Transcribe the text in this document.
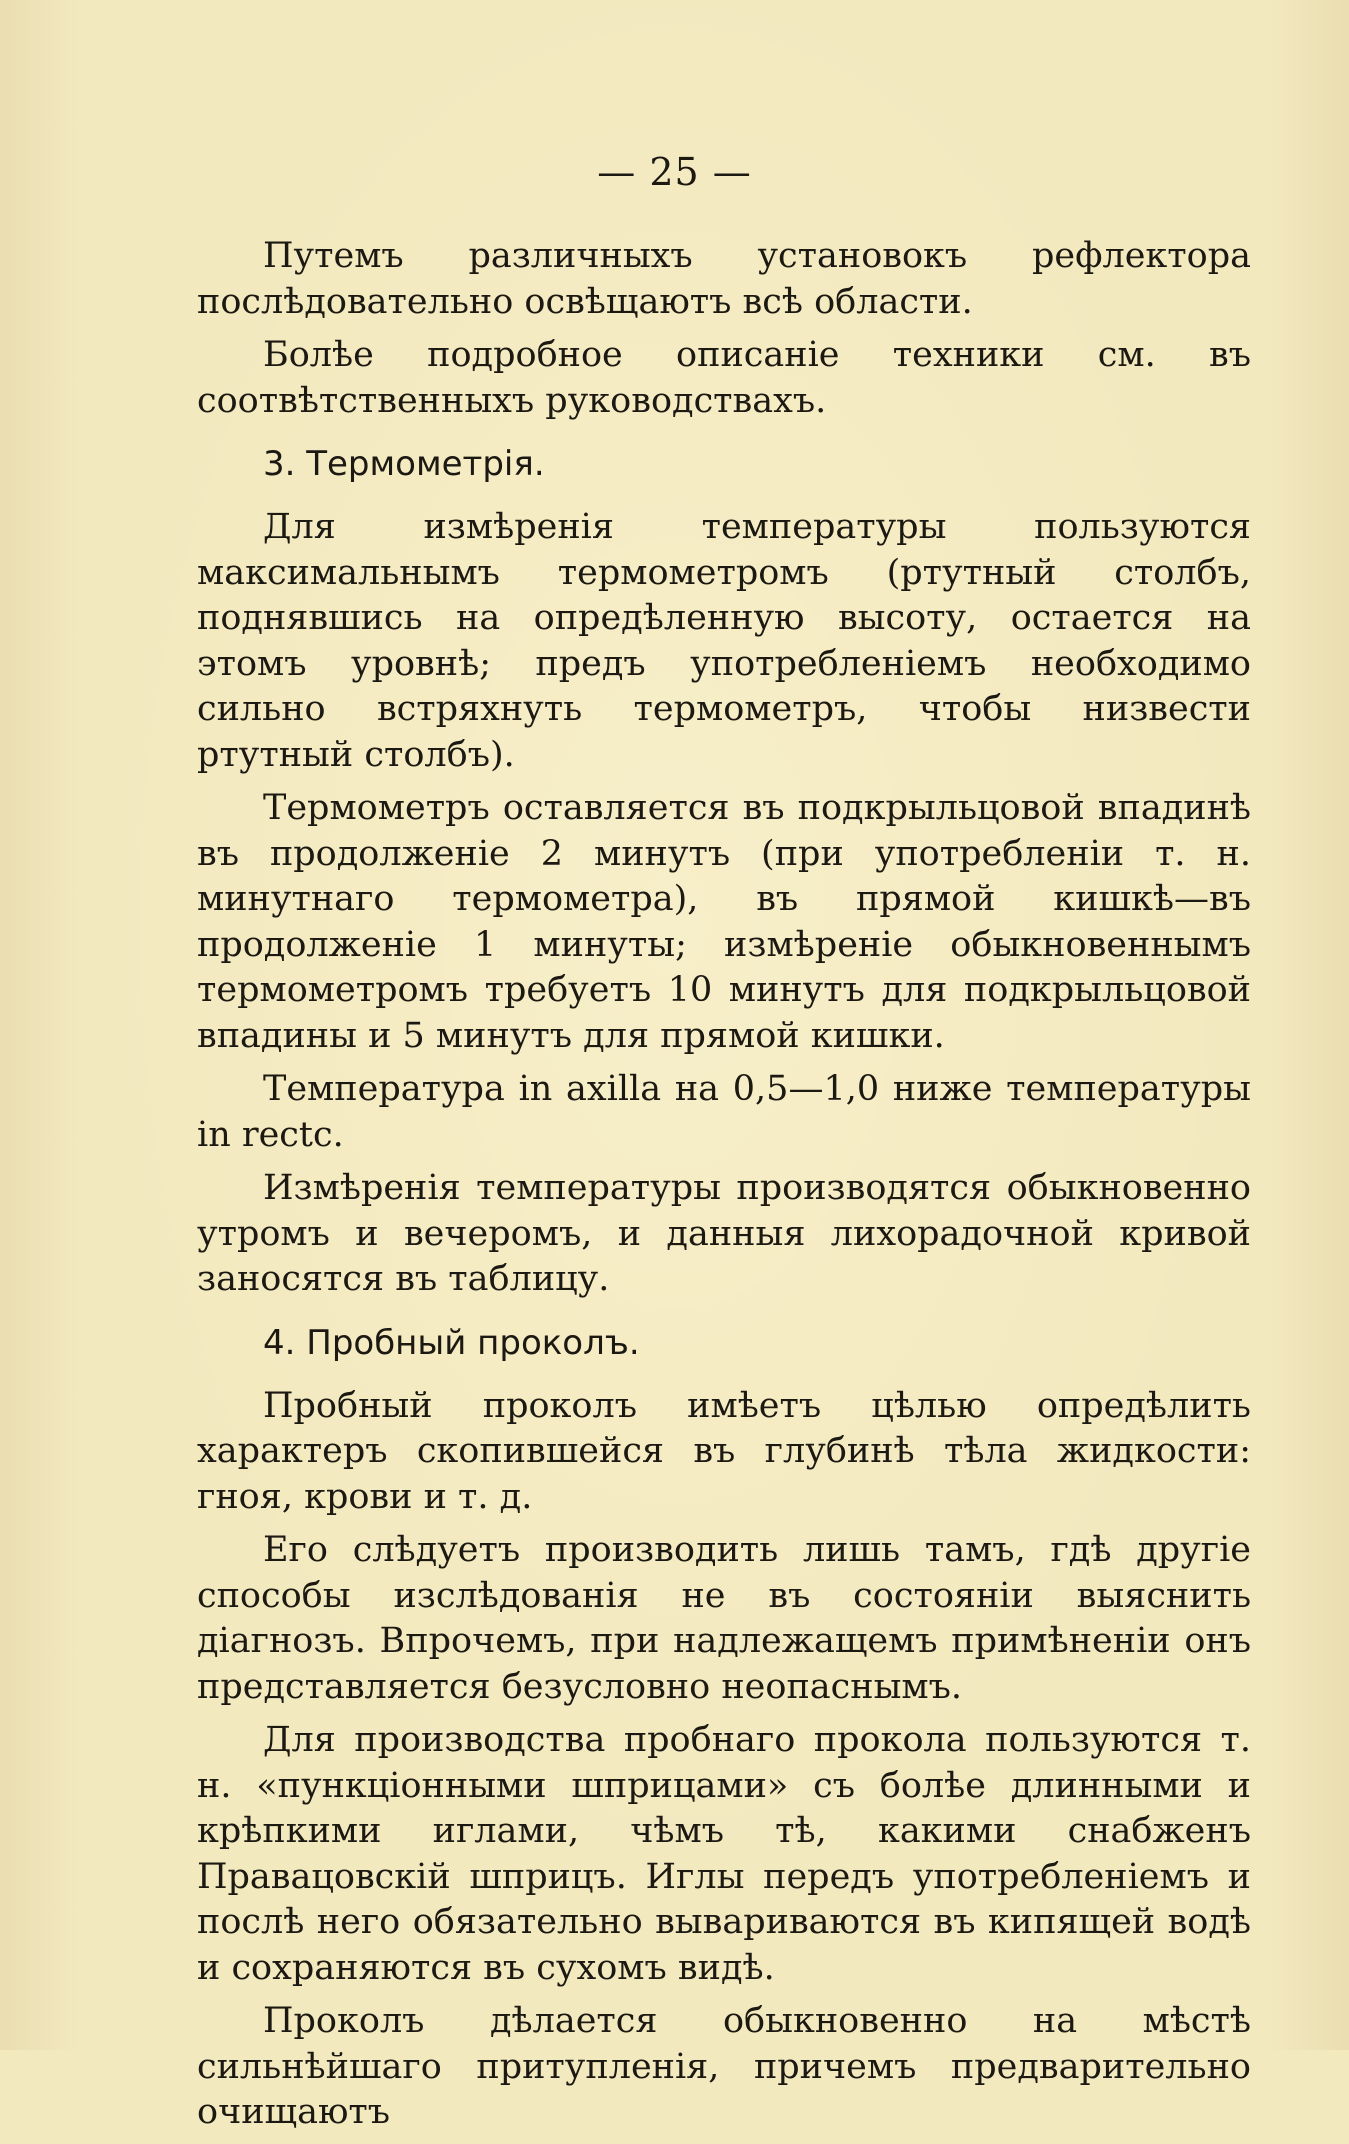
— 25 —

Путемъ различныхъ установокъ рефлектора послѣдовательно освѣщаютъ всѣ области.

Болѣе подробное описаніе техники см. въ соотвѣтственныхъ руководствахъ.

3. Термометрія.

Для измѣренія температуры пользуются максимальнымъ термометромъ (ртутный столбъ, поднявшись на опредѣленную высоту, остается на этомъ уровнѣ; предъ употребленіемъ необходимо сильно встряхнуть термометръ, чтобы низвести ртутный столбъ).

Термометръ оставляется въ подкрыльцовой впадинѣ въ продолженіе 2 минутъ (при употребленіи т. н. минутнаго термометра), въ прямой кишкѣ—въ продолженіе 1 минуты; измѣреніе обыкновеннымъ термометромъ требуетъ 10 минутъ для подкрыльцовой впадины и 5 минутъ для прямой кишки.

Температура in axilla на 0,5—1,0 ниже температуры in rectc.

Измѣренія температуры производятся обыкновенно утромъ и вечеромъ, и данныя лихорадочной кривой заносятся въ таблицу.

4. Пробный проколъ.

Пробный проколъ имѣетъ цѣлью опредѣлить характеръ скопившейся въ глубинѣ тѣла жидкости: гноя, крови и т. д.

Его слѣдуетъ производить лишь тамъ, гдѣ другіе способы изслѣдованія не въ состояніи выяснить діагнозъ. Впрочемъ, при надлежащемъ примѣненіи онъ представляется безусловно неопаснымъ.

Для производства пробнаго прокола пользуются т. н. «пункціонными шприцами» съ болѣе длинными и крѣпкими иглами, чѣмъ тѣ, какими снабженъ Правацовскій шприцъ. Иглы передъ употребленіемъ и послѣ него обязательно вывариваются въ кипящей водѣ и сохраняются въ сухомъ видѣ.

Проколъ дѣлается обыкновенно на мѣстѣ сильнѣйшаго притупленія, причемъ предварительно очищаютъ
